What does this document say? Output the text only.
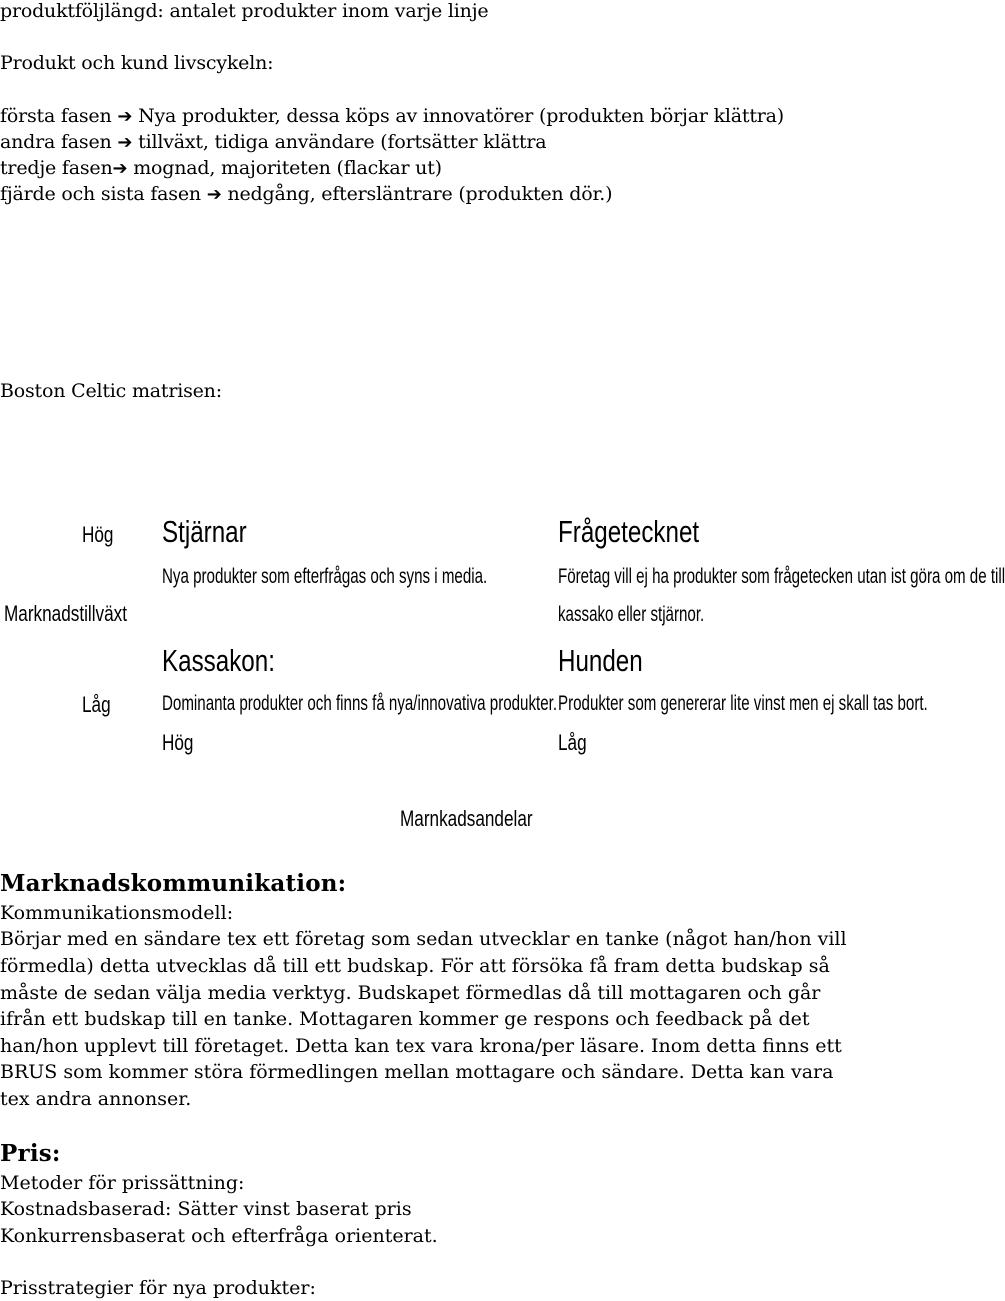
produktföljlängd: antalet produkter inom varje linje
Produkt och kund livscykeln:
första fasen ➔ Nya produkter, dessa köps av innovatörer (produkten börjar klättra)
andra fasen ➔ tillväxt, tidiga användare (fortsätter klättra
tredje fasen➔ mognad, majoriteten (flackar ut)
fjärde och sista fasen ➔ nedgång, eftersläntrare (produkten dör.)
Boston Celtic matrisen:
Hög
Marknadstillväxt
Låg
Stjärnar
Nya produkter som efterfrågas och syns i media.
Frågetecknet
Företag vill ej ha produkter som frågetecken utan ist göra om de till
kassako eller stjärnor.
Kassakon:
Dominanta produkter och finns få nya/innovativa produkter.
Hunden
Produkter som genererar lite vinst men ej skall tas bort.
Hög	Låg
Marnkadsandelar
Marknadskommunikation:
Kommunikationsmodell:
Börjar med en sändare tex ett företag som sedan utvecklar en tanke (något han/hon vill
förmedla) detta utvecklas då till ett budskap. För att försöka få fram detta budskap så
måste de sedan välja media verktyg. Budskapet förmedlas då till mottagaren och går
ifrån ett budskap till en tanke. Mottagaren kommer ge respons och feedback på det
han/hon upplevt till företaget. Detta kan tex vara krona/per läsare. Inom detta finns ett
BRUS som kommer störa förmedlingen mellan mottagare och sändare. Detta kan vara
tex andra annonser.
Pris:
Metoder för prissättning:
Kostnadsbaserad: Sätter vinst baserat pris
Konkurrensbaserat och efterfråga orienterat.
Prisstrategier för nya produkter:
